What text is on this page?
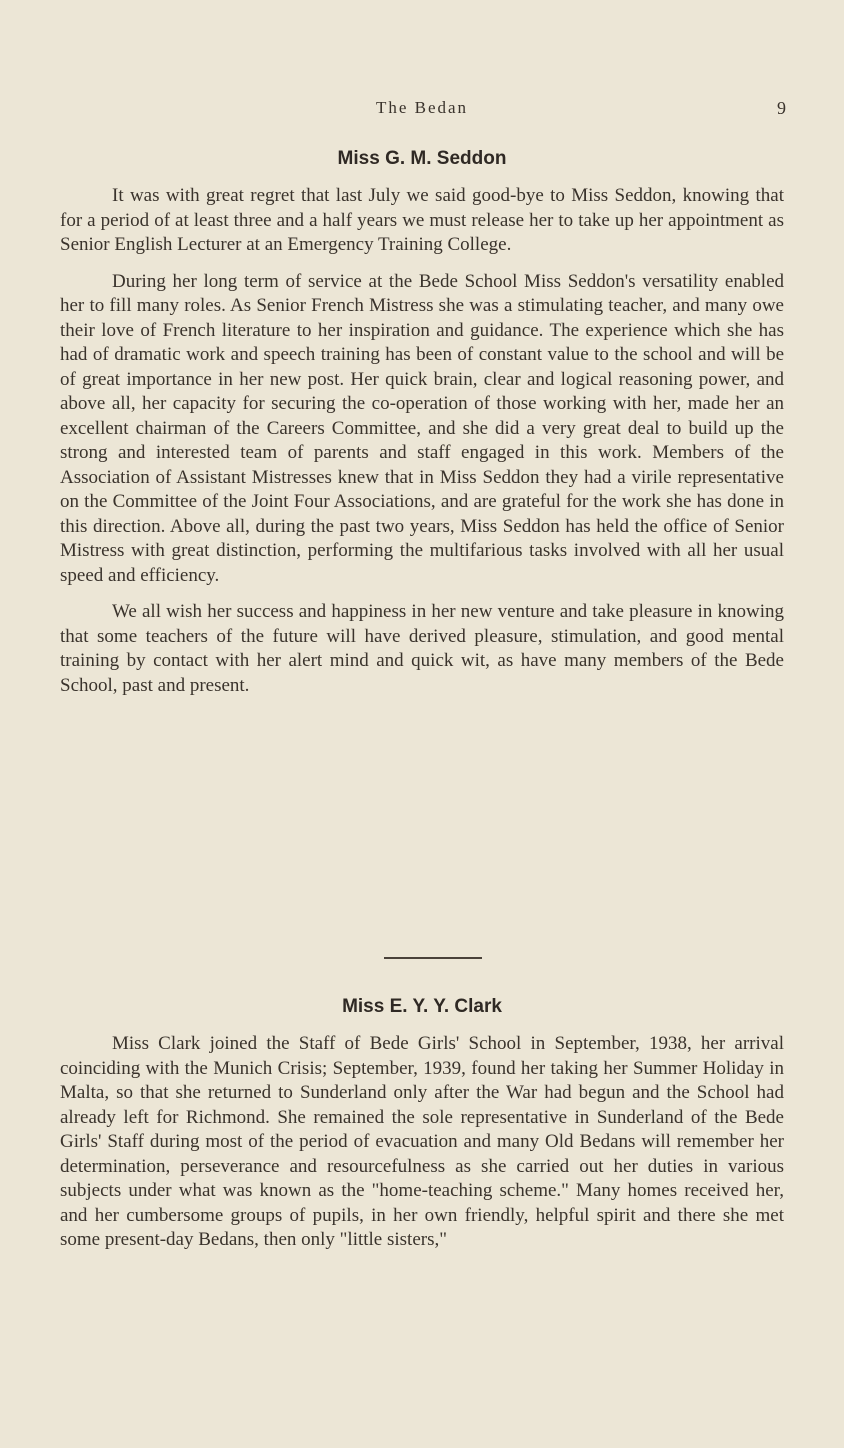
The Bedan	9
Miss G. M. Seddon

It was with great regret that last July we said good-bye to Miss Seddon, knowing that for a period of at least three and a half years we must release her to take up her appointment as Senior English Lecturer at an Emergency Training College.

During her long term of service at the Bede School Miss Seddon's versatility enabled her to fill many roles. As Senior French Mistress she was a stimulating teacher, and many owe their love of French literature to her inspiration and guidance. The experience which she has had of dramatic work and speech training has been of constant value to the school and will be of great importance in her new post. Her quick brain, clear and logical reasoning power, and above all, her capacity for securing the co-operation of those working with her, made her an excellent chairman of the Careers Committee, and she did a very great deal to build up the strong and interested team of parents and staff engaged in this work. Members of the Association of Assistant Mistresses knew that in Miss Seddon they had a virile representative on the Committee of the Joint Four Associations, and are grateful for the work she has done in this direction. Above all, during the past two years, Miss Seddon has held the office of Senior Mistress with great distinction, performing the multifarious tasks involved with all her usual speed and efficiency.

We all wish her success and happiness in her new venture and take pleasure in knowing that some teachers of the future will have derived pleasure, stimulation, and good mental training by contact with her alert mind and quick wit, as have many members of the Bede School, past and present.

Miss E. Y. Y. Clark

Miss Clark joined the Staff of Bede Girls' School in September, 1938, her arrival coinciding with the Munich Crisis; September, 1939, found her taking her Summer Holiday in Malta, so that she returned to Sunderland only after the War had begun and the School had already left for Richmond. She remained the sole representative in Sunderland of the Bede Girls' Staff during most of the period of evacuation and many Old Bedans will remember her determination, perseverance and resourcefulness as she carried out her duties in various subjects under what was known as the "home-teaching scheme." Many homes received her, and her cumbersome groups of pupils, in her own friendly, helpful spirit and there she met some present-day Bedans, then only "little sisters,"
